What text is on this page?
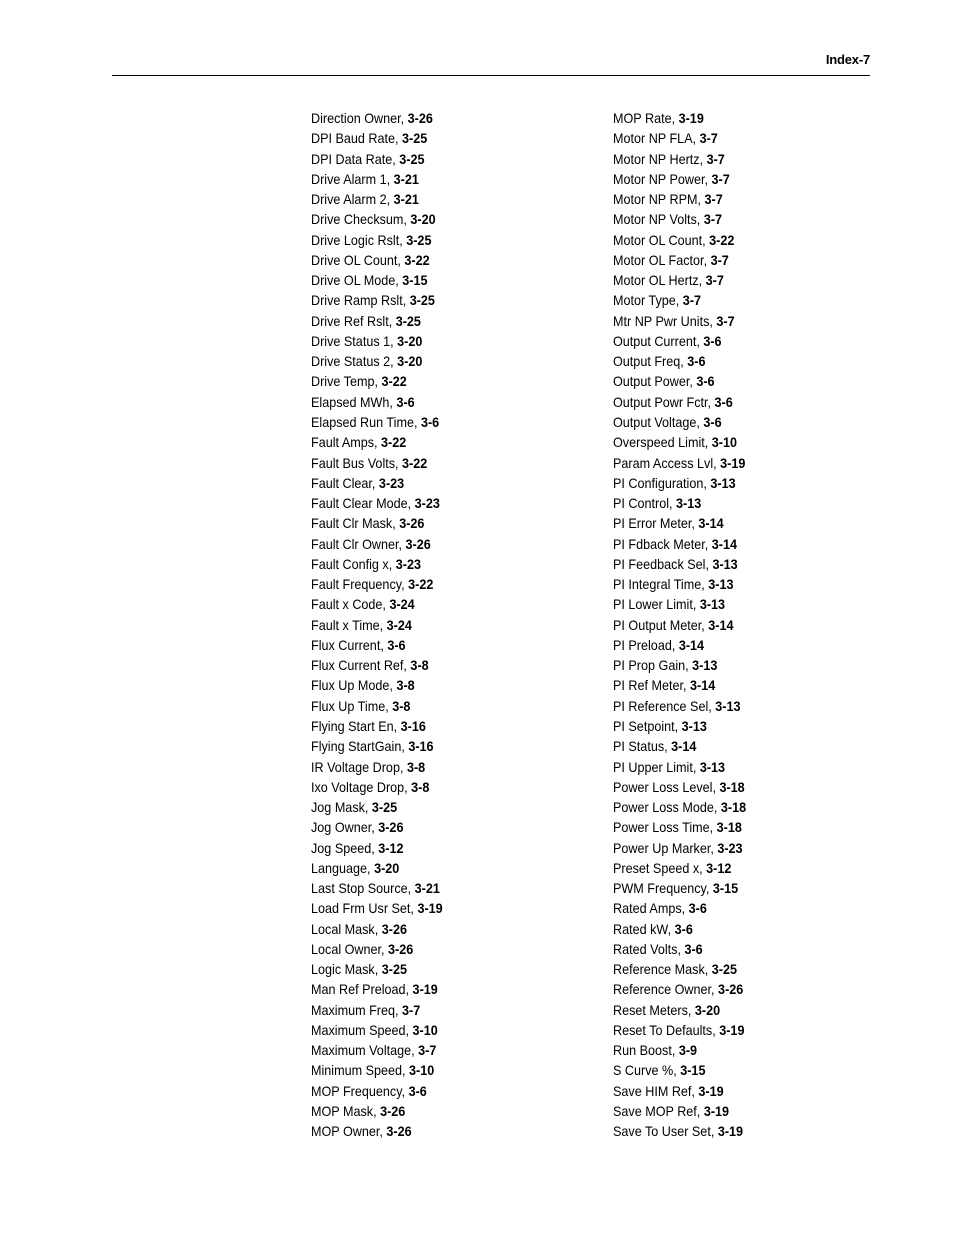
Index-7
Direction Owner, 3-26
DPI Baud Rate, 3-25
DPI Data Rate, 3-25
Drive Alarm 1, 3-21
Drive Alarm 2, 3-21
Drive Checksum, 3-20
Drive Logic Rslt, 3-25
Drive OL Count, 3-22
Drive OL Mode, 3-15
Drive Ramp Rslt, 3-25
Drive Ref Rslt, 3-25
Drive Status 1, 3-20
Drive Status 2, 3-20
Drive Temp, 3-22
Elapsed MWh, 3-6
Elapsed Run Time, 3-6
Fault Amps, 3-22
Fault Bus Volts, 3-22
Fault Clear, 3-23
Fault Clear Mode, 3-23
Fault Clr Mask, 3-26
Fault Clr Owner, 3-26
Fault Config x, 3-23
Fault Frequency, 3-22
Fault x Code, 3-24
Fault x Time, 3-24
Flux Current, 3-6
Flux Current Ref, 3-8
Flux Up Mode, 3-8
Flux Up Time, 3-8
Flying Start En, 3-16
Flying StartGain, 3-16
IR Voltage Drop, 3-8
Ixo Voltage Drop, 3-8
Jog Mask, 3-25
Jog Owner, 3-26
Jog Speed, 3-12
Language, 3-20
Last Stop Source, 3-21
Load Frm Usr Set, 3-19
Local Mask, 3-26
Local Owner, 3-26
Logic Mask, 3-25
Man Ref Preload, 3-19
Maximum Freq, 3-7
Maximum Speed, 3-10
Maximum Voltage, 3-7
Minimum Speed, 3-10
MOP Frequency, 3-6
MOP Mask, 3-26
MOP Owner, 3-26
MOP Rate, 3-19
Motor NP FLA, 3-7
Motor NP Hertz, 3-7
Motor NP Power, 3-7
Motor NP RPM, 3-7
Motor NP Volts, 3-7
Motor OL Count, 3-22
Motor OL Factor, 3-7
Motor OL Hertz, 3-7
Motor Type, 3-7
Mtr NP Pwr Units, 3-7
Output Current, 3-6
Output Freq, 3-6
Output Power, 3-6
Output Powr Fctr, 3-6
Output Voltage, 3-6
Overspeed Limit, 3-10
Param Access Lvl, 3-19
PI Configuration, 3-13
PI Control, 3-13
PI Error Meter, 3-14
PI Fdback Meter, 3-14
PI Feedback Sel, 3-13
PI Integral Time, 3-13
PI Lower Limit, 3-13
PI Output Meter, 3-14
PI Preload, 3-14
PI Prop Gain, 3-13
PI Ref Meter, 3-14
PI Reference Sel, 3-13
PI Setpoint, 3-13
PI Status, 3-14
PI Upper Limit, 3-13
Power Loss Level, 3-18
Power Loss Mode, 3-18
Power Loss Time, 3-18
Power Up Marker, 3-23
Preset Speed x, 3-12
PWM Frequency, 3-15
Rated Amps, 3-6
Rated kW, 3-6
Rated Volts, 3-6
Reference Mask, 3-25
Reference Owner, 3-26
Reset Meters, 3-20
Reset To Defaults, 3-19
Run Boost, 3-9
S Curve %, 3-15
Save HIM Ref, 3-19
Save MOP Ref, 3-19
Save To User Set, 3-19
